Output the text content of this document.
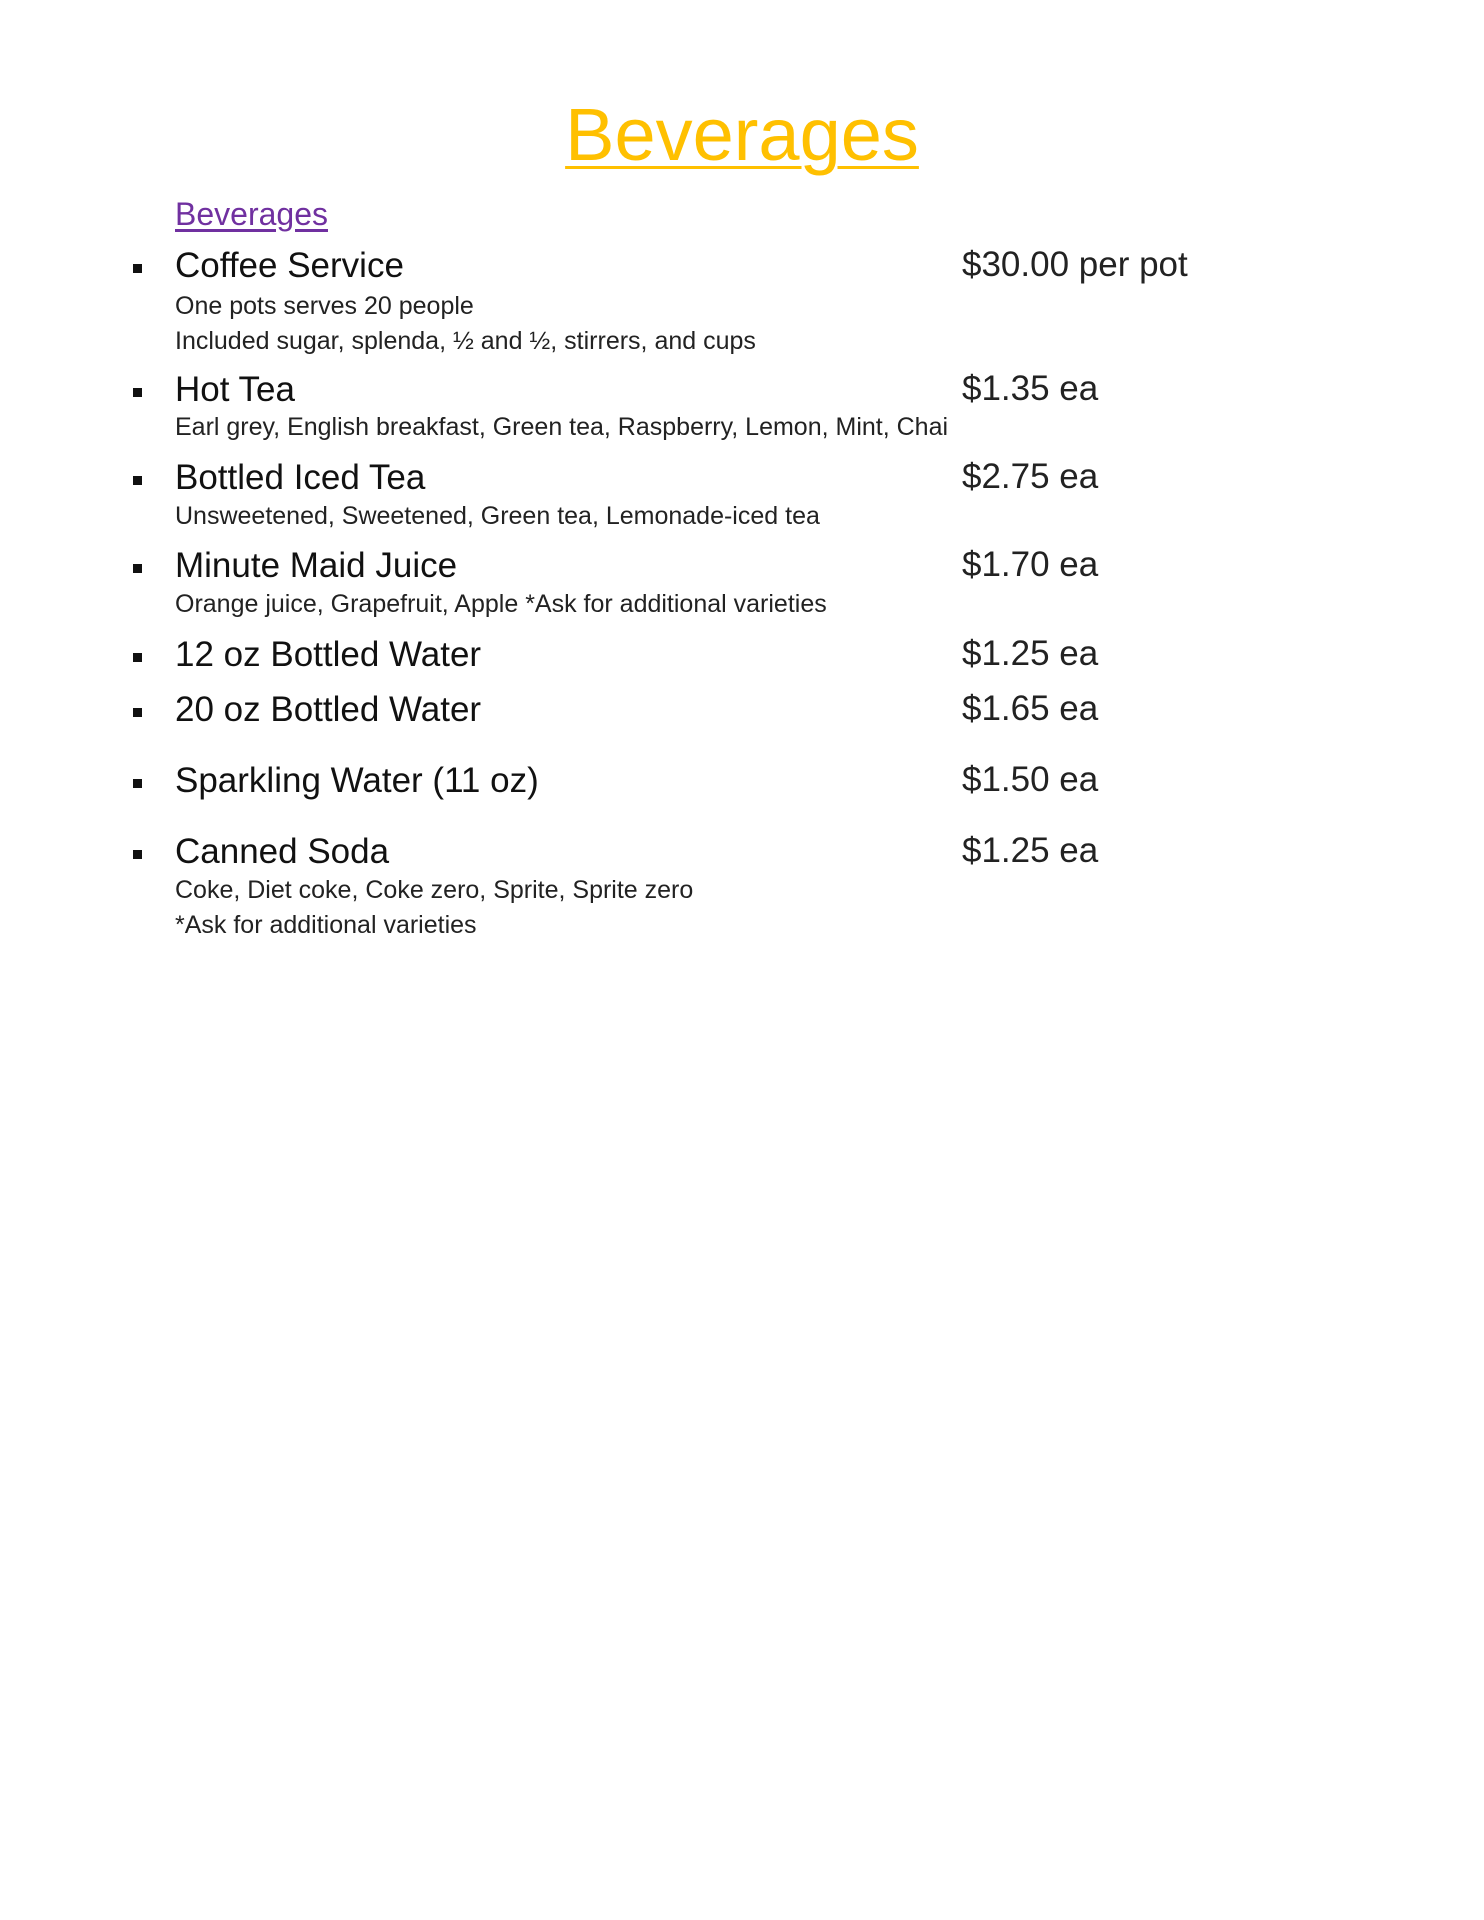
Beverages
Beverages
Coffee Service	$30.00 per pot
One pots serves 20 people
Included sugar, splenda, ½ and ½, stirrers, and cups
Hot Tea	$1.35 ea
Earl grey, English breakfast, Green tea, Raspberry, Lemon, Mint, Chai
Bottled Iced Tea	$2.75 ea
Unsweetened, Sweetened, Green tea, Lemonade-iced tea
Minute Maid Juice	$1.70 ea
Orange juice, Grapefruit, Apple *Ask for additional varieties
12 oz Bottled Water	$1.25 ea
20 oz Bottled Water	$1.65 ea
Sparkling Water (11 oz)	$1.50 ea
Canned Soda	$1.25 ea
Coke, Diet coke, Coke zero, Sprite, Sprite zero
*Ask for additional varieties
